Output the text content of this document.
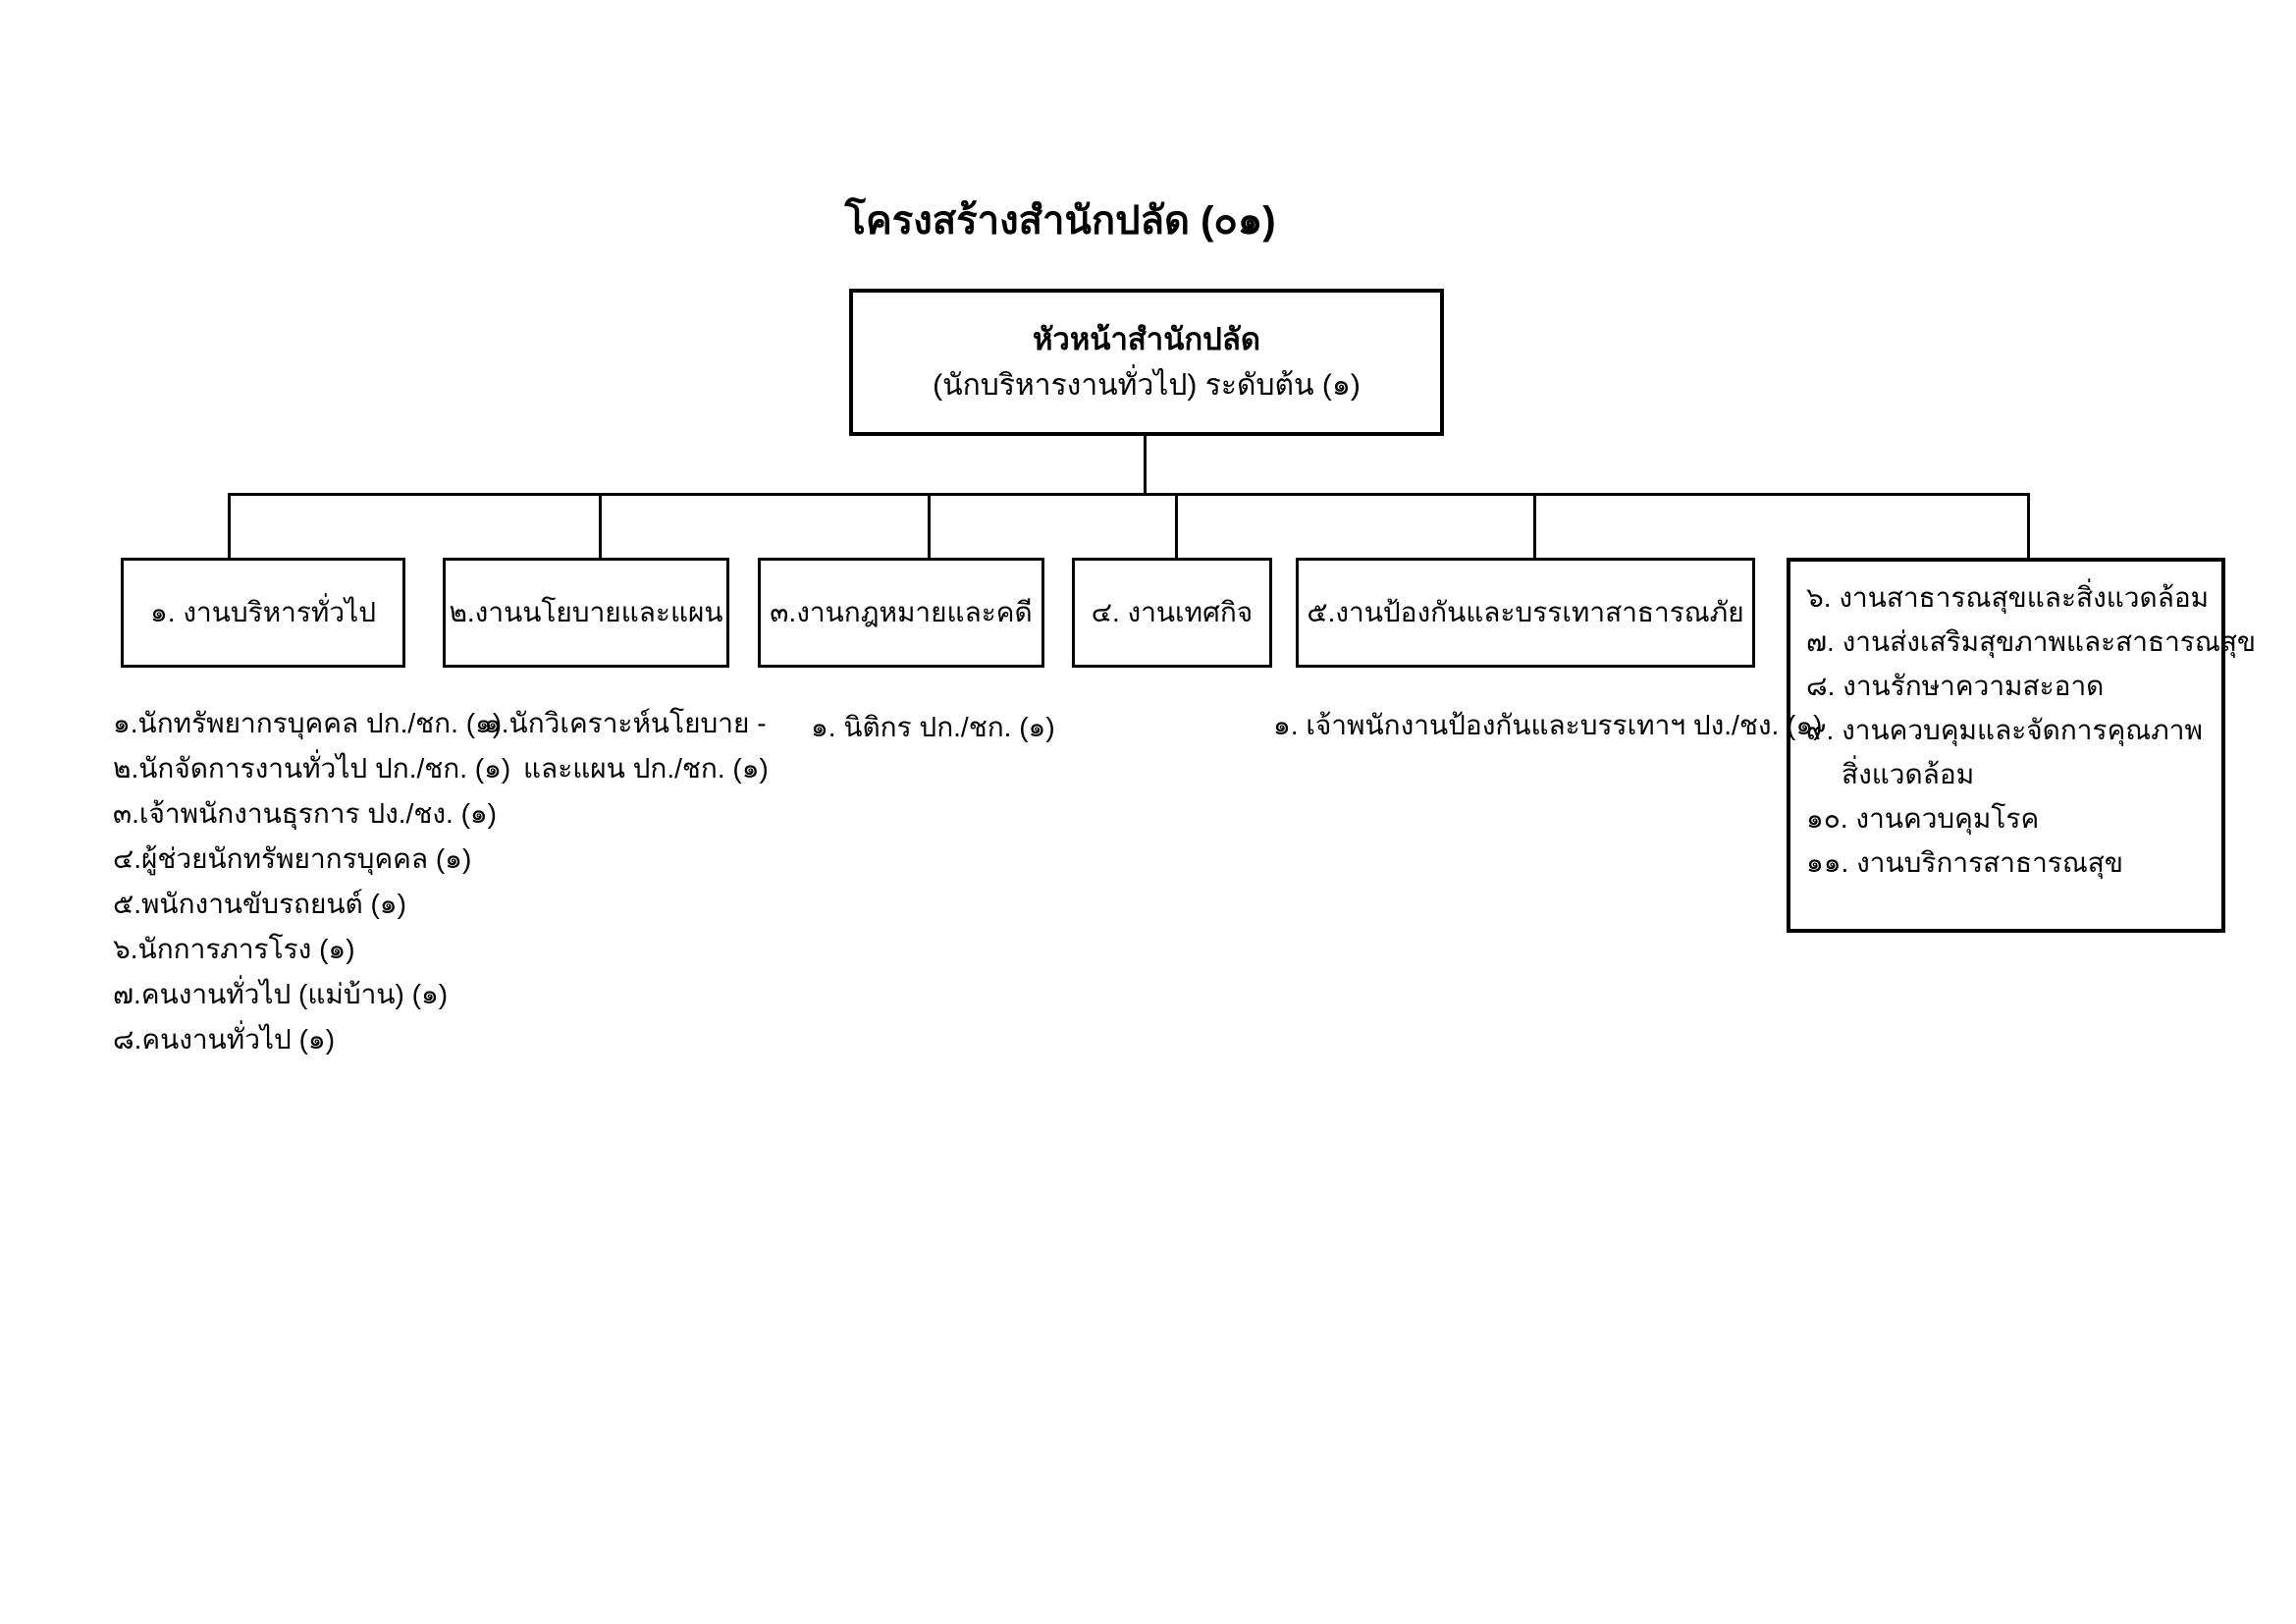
โครงสร้างสำนักปลัด (๐๑)
หัวหน้าสำนักปลัด
(นักบริหารงานทั่วไป) ระดับต้น (๑)
๑. งานบริหารทั่วไป	๒.งานนโยบายและแผน ๓.งานกฎหมายและคดี ๔. งานเทศกิจ ๕.งานป้องกันและบรรเทาสาธารณภัย ๖. งานสาธารณสุขและสิ่งแวดล้อม
๗. งานส่งเสริมสุขภาพและสาธารณสุข
๘. งานรักษาความสะอาด
๙. งานควบคุมและจัดการคุณภาพ
สิ่งแวดล้อม
๑๐. งานควบคุมโรค
๑๑. งานบริการสาธารณสุข
๑.นักทรัพยากรบุคคล ปก./ชก. (๑)
๒.นักจัดการงานทั่วไป ปก./ชก. (๑)
๓.เจ้าพนักงานธุรการ ปง./ชง. (๑)
๔.ผู้ช่วยนักทรัพยากรบุคคล (๑)
๕.พนักงานขับรถยนต์ (๑)
๖.นักการภารโรง (๑)
๗.คนงานทั่วไป (แม่บ้าน) (๑)
๘.คนงานทั่วไป (๑)
๑.นักวิเคราะห์นโยบาย -
และแผน ปก./ชก. (๑)
๑. นิติกร ปก./ชก. (๑)	๑. เจ้าพนักงานป้องกันและบรรเทาฯ ปง./ชง. (๑)
